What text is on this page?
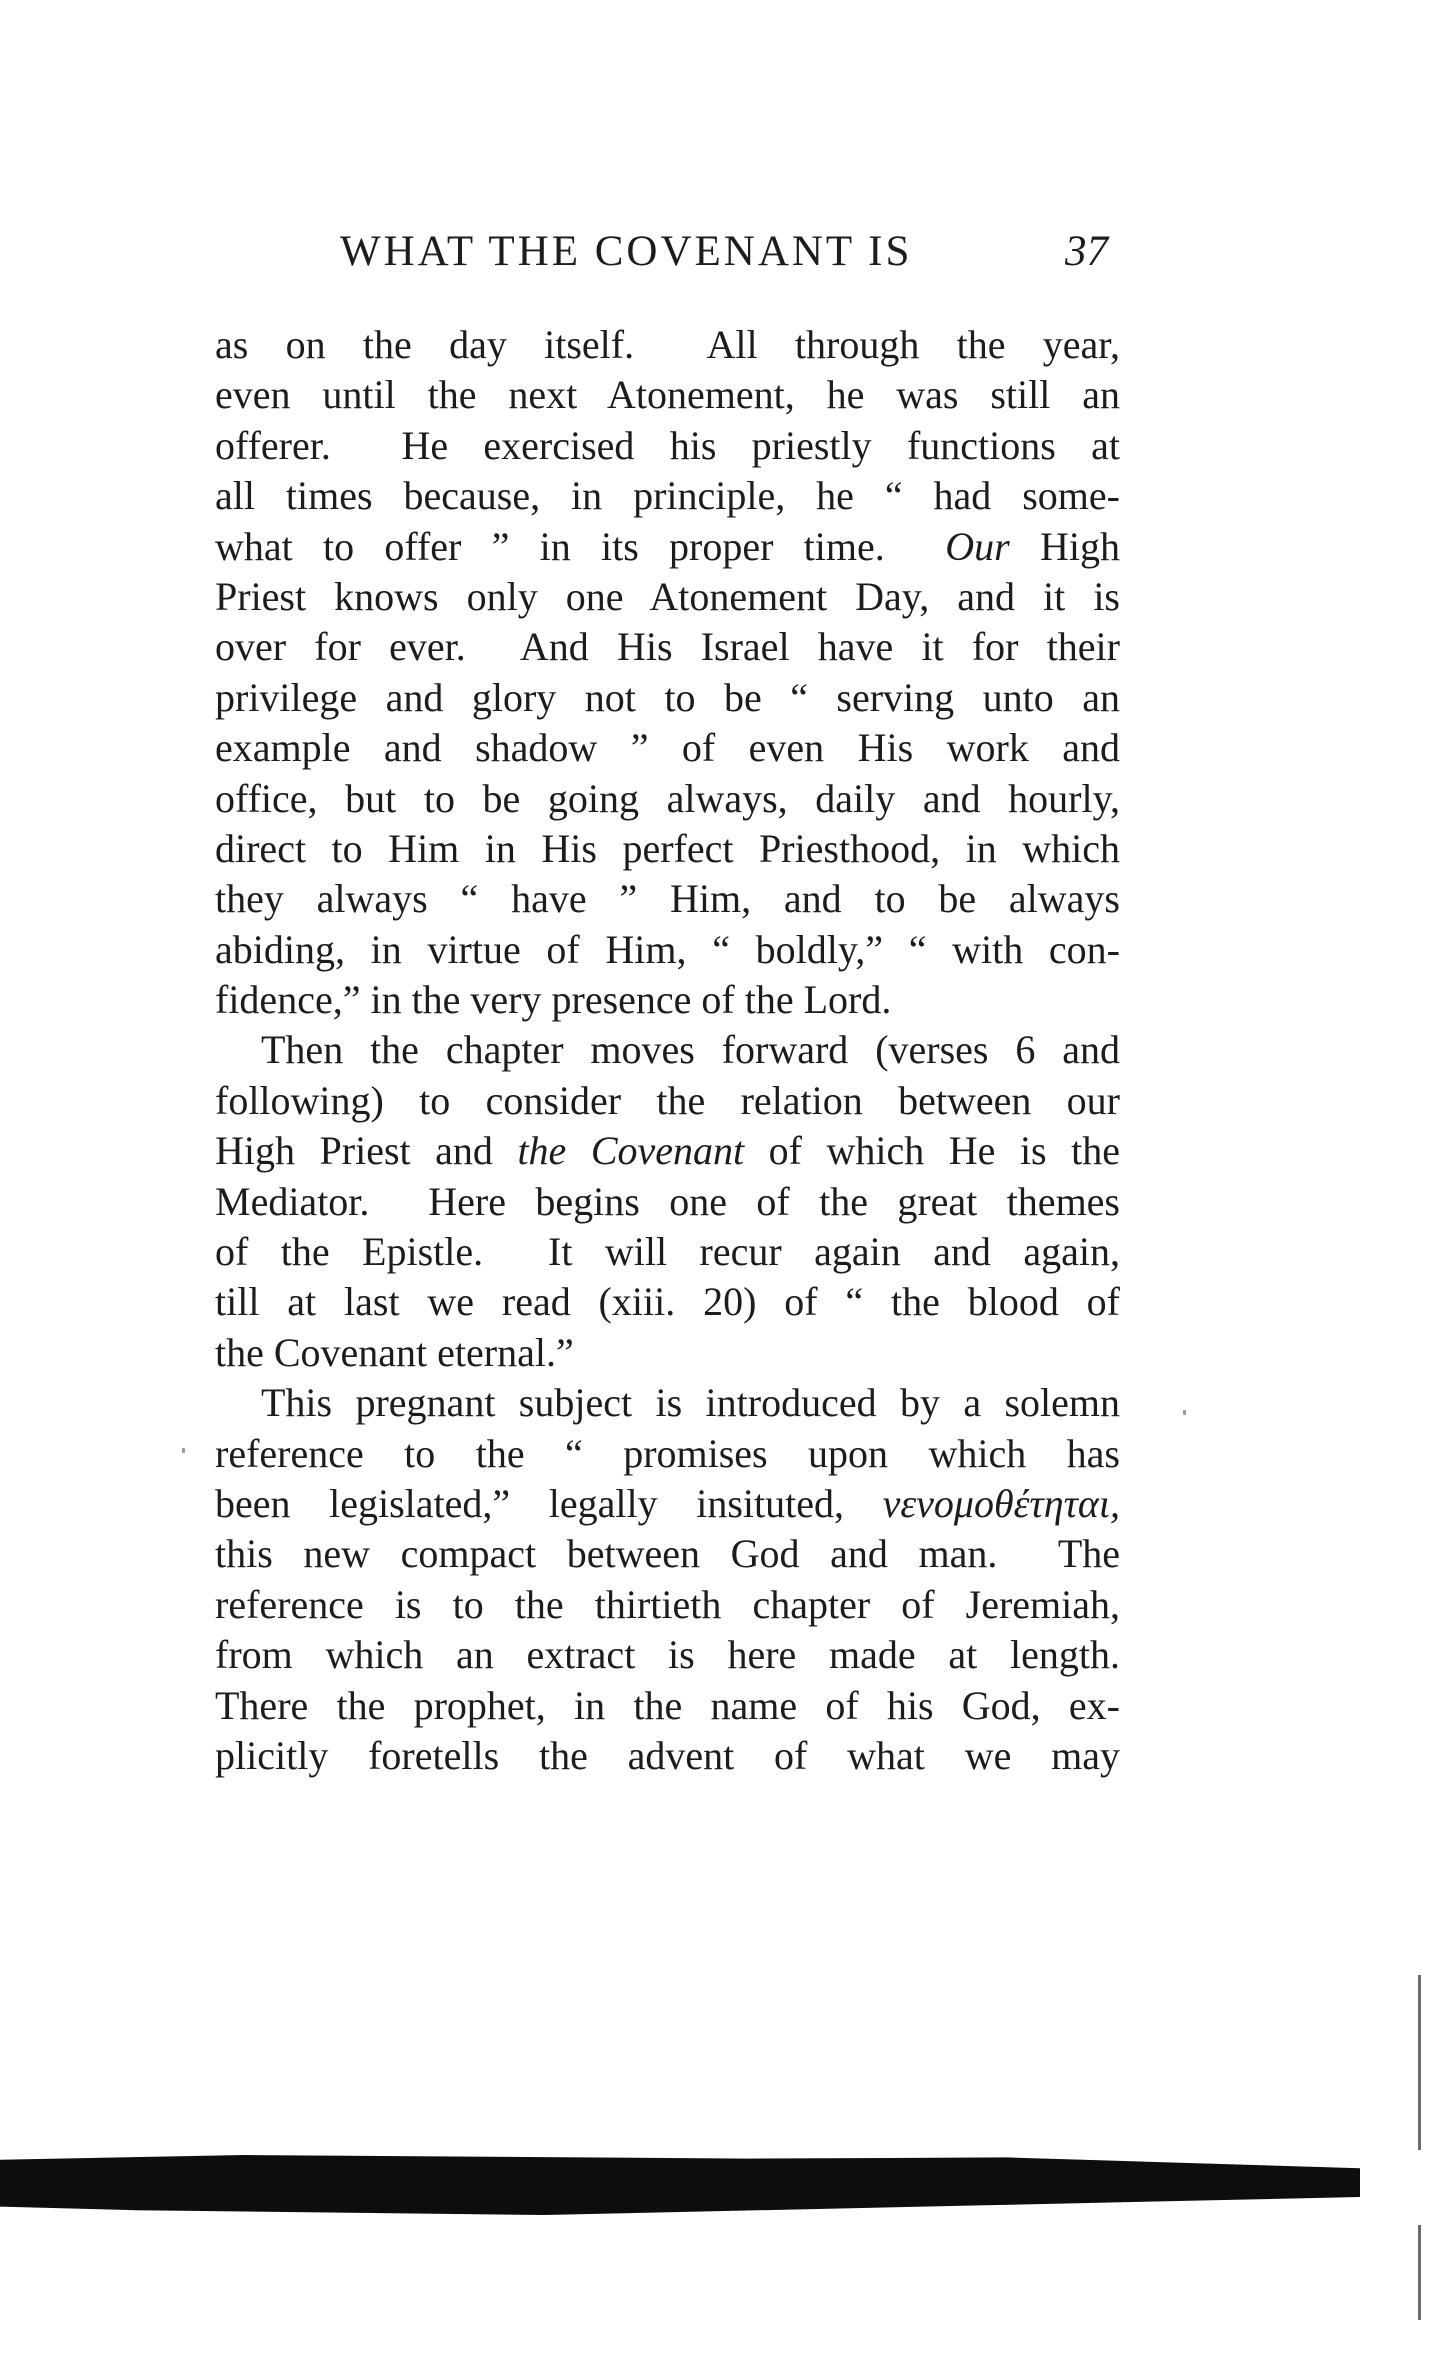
WHAT THE COVENANT IS	37
as on the day itself.  All through the year,
even until the next Atonement, he was still an
offerer.  He exercised his priestly functions at
all times because, in principle, he “ had some-
what to offer ” in its proper time.  Our High
Priest knows only one Atonement Day, and it is
over for ever.  And His Israel have it for their
privilege and glory not to be “ serving unto an
example and shadow ” of even His work and
office, but to be going always, daily and hourly,
direct to Him in His perfect Priesthood, in which
they always “ have ” Him, and to be always
abiding, in virtue of Him, “ boldly,” “ with con-
fidence,” in the very presence of the Lord.
Then the chapter moves forward (verses 6 and
following) to consider the relation between our
High Priest and the Covenant of which He is the
Mediator.  Here begins one of the great themes
of the Epistle.  It will recur again and again,
till at last we read (xiii. 20) of “ the blood of
the Covenant eternal.”
This pregnant subject is introduced by a solemn
reference to the “ promises upon which has
been legislated,” legally insituted, νενομοθέτηται,
this new compact between God and man.  The
reference is to the thirtieth chapter of Jeremiah,
from which an extract is here made at length.
There the prophet, in the name of his God, ex-
plicitly foretells the advent of what we may
